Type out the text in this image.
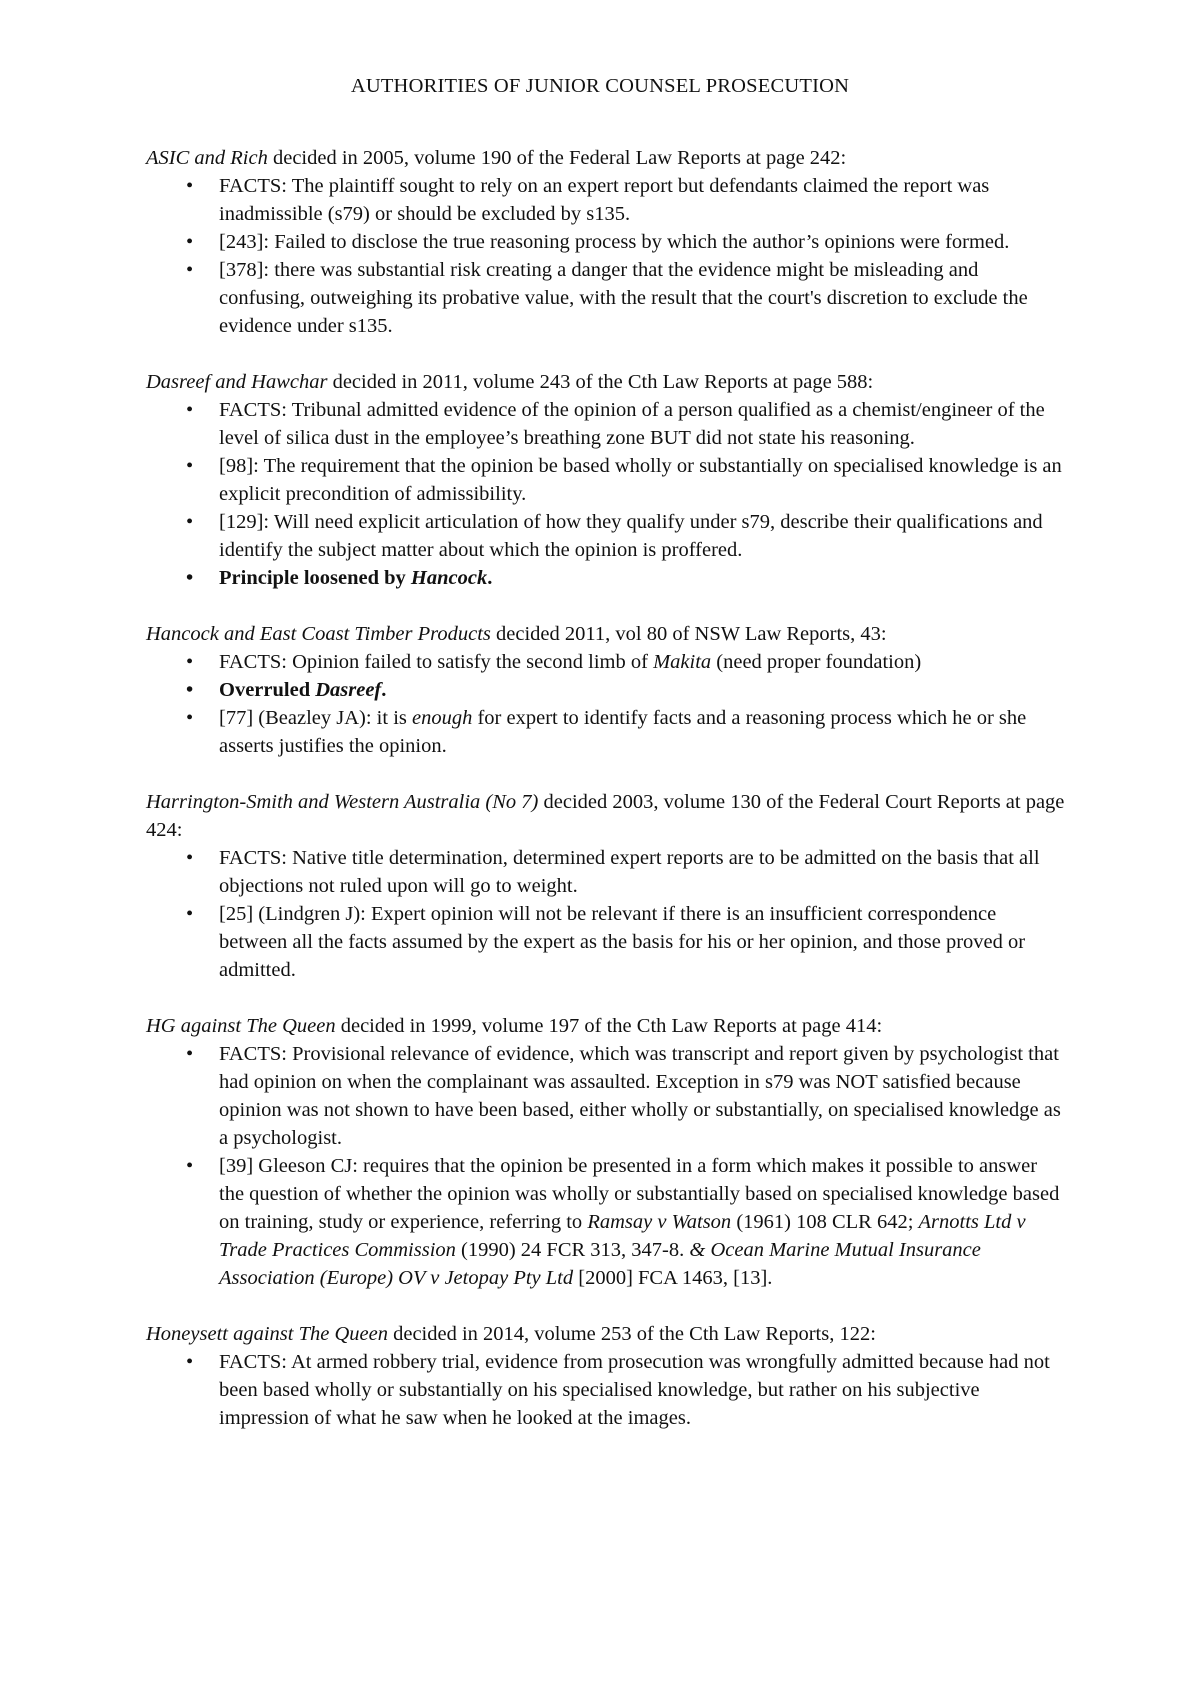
AUTHORITIES OF JUNIOR COUNSEL PROSECUTION

ASIC and Rich decided in 2005, volume 190 of the Federal Law Reports at page 242:

• FACTS: The plaintiff sought to rely on an expert report but defendants claimed the report was inadmissible (s79) or should be excluded by s135.
• [243]: Failed to disclose the true reasoning process by which the author’s opinions were formed.
• [378]: there was substantial risk creating a danger that the evidence might be misleading and confusing, outweighing its probative value, with the result that the court's discretion to exclude the evidence under s135.

Dasreef and Hawchar decided in 2011, volume 243 of the Cth Law Reports at page 588:

• FACTS: Tribunal admitted evidence of the opinion of a person qualified as a chemist/engineer of the level of silica dust in the employee’s breathing zone BUT did not state his reasoning.
• [98]: The requirement that the opinion be based wholly or substantially on specialised knowledge is an explicit precondition of admissibility.
• [129]: Will need explicit articulation of how they qualify under s79, describe their qualifications and identify the subject matter about which the opinion is proffered.
• Principle loosened by Hancock.

Hancock and East Coast Timber Products decided 2011, vol 80 of NSW Law Reports, 43:

• FACTS: Opinion failed to satisfy the second limb of Makita (need proper foundation)
• Overruled Dasreef.
• [77] (Beazley JA): it is enough for expert to identify facts and a reasoning process which he or she asserts justifies the opinion.

Harrington-Smith and Western Australia (No 7) decided 2003, volume 130 of the Federal Court Reports at page 424:

• FACTS: Native title determination, determined expert reports are to be admitted on the basis that all objections not ruled upon will go to weight.
• [25] (Lindgren J): Expert opinion will not be relevant if there is an insufficient correspondence between all the facts assumed by the expert as the basis for his or her opinion, and those proved or admitted.

HG against The Queen decided in 1999, volume 197 of the Cth Law Reports at page 414:

• FACTS: Provisional relevance of evidence, which was transcript and report given by psychologist that had opinion on when the complainant was assaulted. Exception in s79 was NOT satisfied because opinion was not shown to have been based, either wholly or substantially, on specialised knowledge as a psychologist.
• [39] Gleeson CJ: requires that the opinion be presented in a form which makes it possible to answer the question of whether the opinion was wholly or substantially based on specialised knowledge based on training, study or experience, referring to Ramsay v Watson (1961) 108 CLR 642; Arnotts Ltd v Trade Practices Commission (1990) 24 FCR 313, 347-8. & Ocean Marine Mutual Insurance Association (Europe) OV v Jetopay Pty Ltd [2000] FCA 1463, [13].

Honeysett against The Queen decided in 2014, volume 253 of the Cth Law Reports, 122:

• FACTS: At armed robbery trial, evidence from prosecution was wrongfully admitted because had not been based wholly or substantially on his specialised knowledge, but rather on his subjective impression of what he saw when he looked at the images.
